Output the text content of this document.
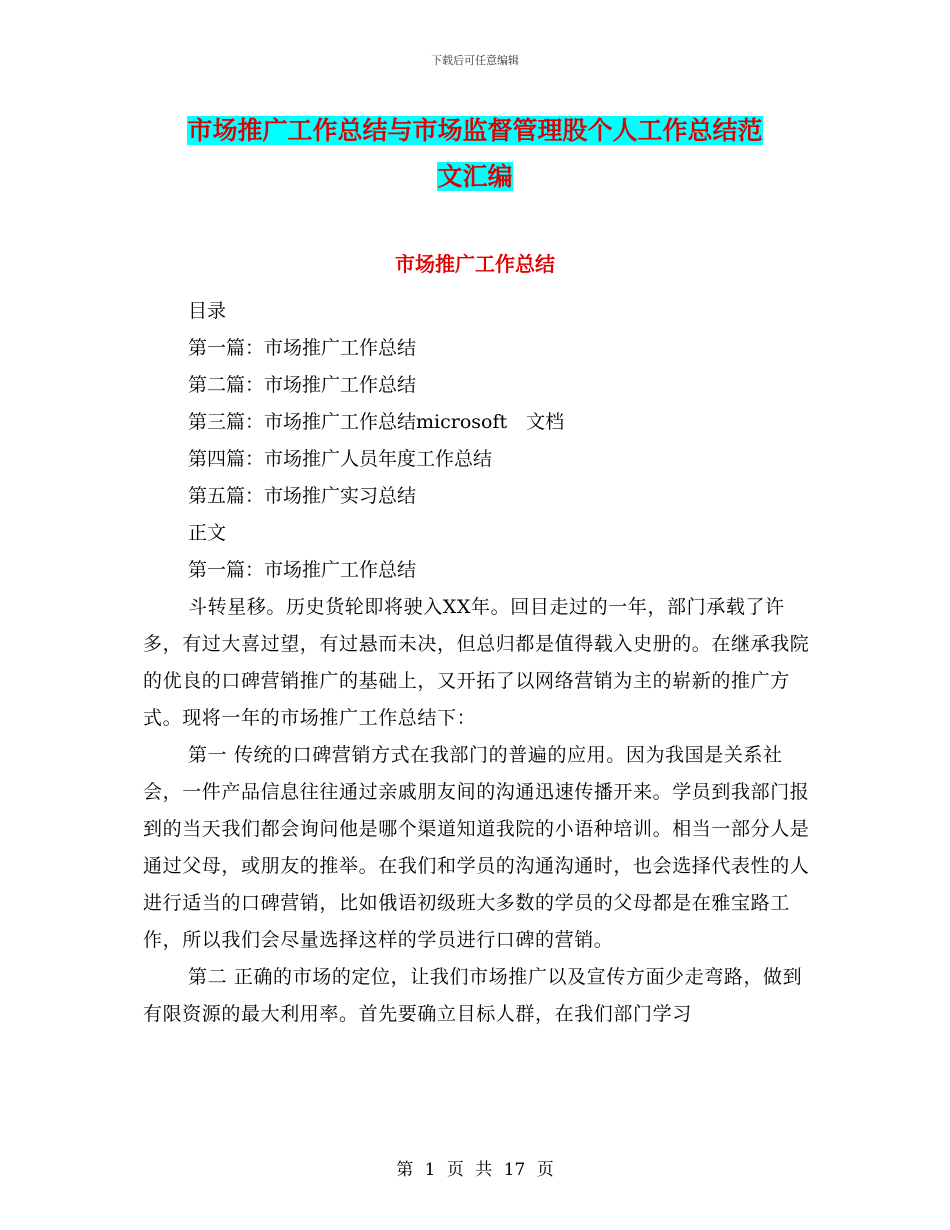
下载后可任意编辑
市场推广工作总结与市场监督管理股个人工作总结范
文汇编
市场推广工作总结
目录
第一篇：市场推广工作总结
第二篇：市场推广工作总结
第三篇：市场推广工作总结microsoft　文档
第四篇：市场推广人员年度工作总结
第五篇：市场推广实习总结
正文
第一篇：市场推广工作总结

斗转星移。历史货轮即将驶入XX年。回目走过的一年，部门承载了许多，有过大喜过望，有过悬而未决，但总归都是值得载入史册的。在继承我院的优良的口碑营销推广的基础上，又开拓了以网络营销为主的崭新的推广方式。现将一年的市场推广工作总结下：

第一 传统的口碑营销方式在我部门的普遍的应用。因为我国是关系社会，一件产品信息往往通过亲戚朋友间的沟通迅速传播开来。学员到我部门报到的当天我们都会询问他是哪个渠道知道我院的小语种培训。相当一部分人是通过父母，或朋友的推举。在我们和学员的沟通沟通时，也会选择代表性的人进行适当的口碑营销，比如俄语初级班大多数的学员的父母都是在雅宝路工作，所以我们会尽量选择这样的学员进行口碑的营销。

第二 正确的市场的定位，让我们市场推广以及宣传方面少走弯路，做到有限资源的最大利用率。首先要确立目标人群，在我们部门学习

第 1 页 共 17 页
